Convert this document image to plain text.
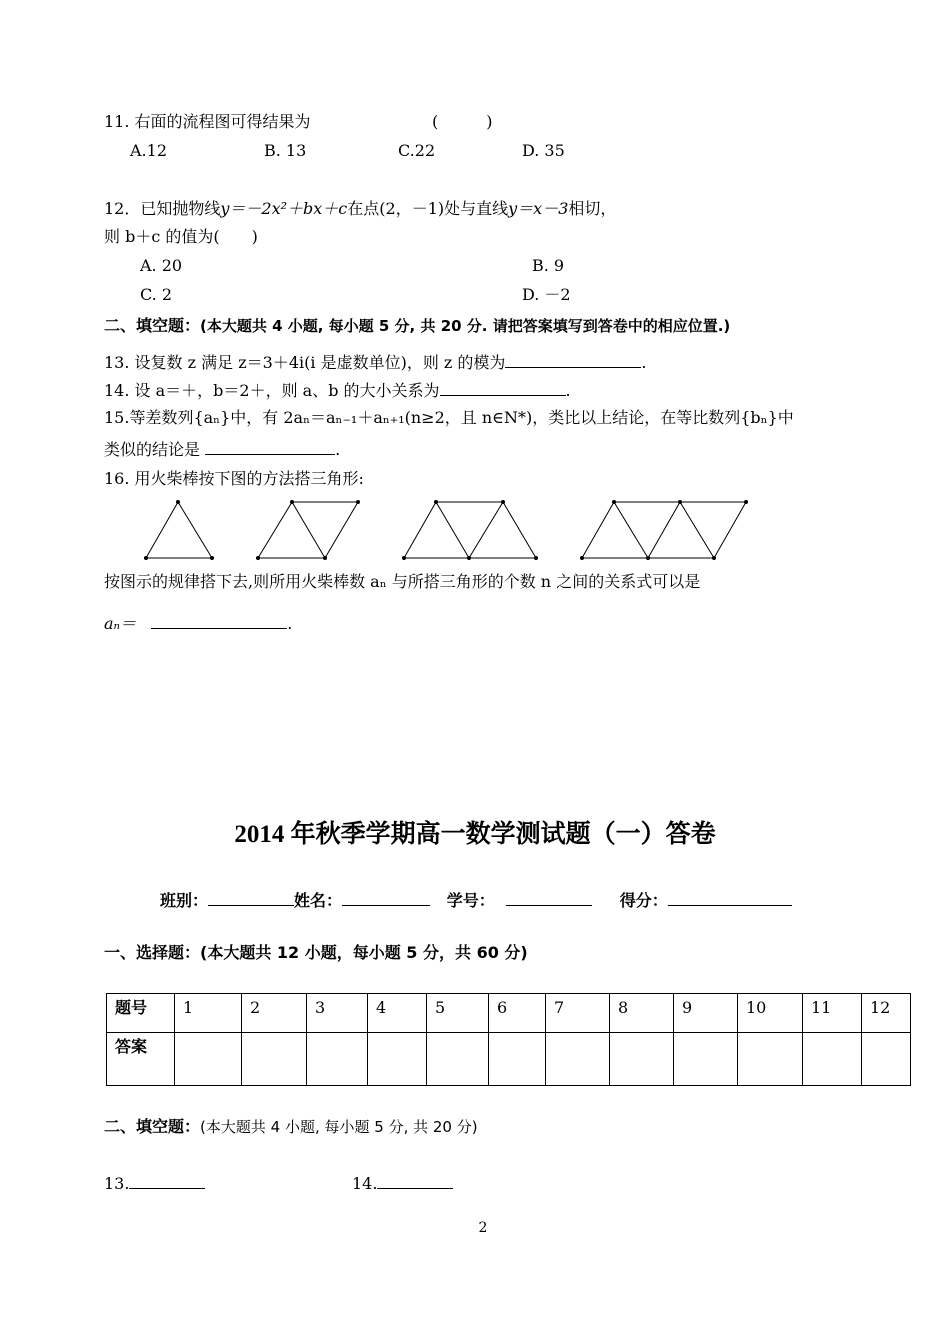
11. 右面的流程图可得结果为	(　　　)
A.12	B. 13	C.22	D. 35
12．已知抛物线y＝－2x²＋bx＋c在点(2，－1)处与直线y＝x－3相切，
则 b＋c 的值为(　　)
A. 20	B. 9
C. 2	D. －2
二、填空题：(本大题共 4 小题, 每小题 5 分, 共 20 分. 请把答案填写到答卷中的相应位置.)
13. 设复数 z 满足 z＝3＋4i(i 是虚数单位)，则 z 的模为	.
14. 设 a＝＋，b＝2＋，则 a、b 的大小关系为	.
15.等差数列{aₙ}中，有 2aₙ＝aₙ₋₁＋aₙ₊₁(n≥2，且 n∈N*)，类比以上结论，在等比数列{bₙ}中
类似的结论是	.
16. 用火柴棒按下图的方法搭三角形:
按图示的规律搭下去,则所用火柴棒数 aₙ 与所搭三角形的个数 n 之间的关系式可以是
aₙ＝	.
2014 年秋季学期高一数学测试题（一）答卷
班别：	姓名：	学号：	得分：
一、选择题：(本大题共 12 小题，每小题 5 分，共 60 分)
题号	1	2	3	4	5	6	7	8	9	10	11	12
答案												
二、填空题：(本大题共 4 小题, 每小题 5 分, 共 20 分)
13.	14.
2
